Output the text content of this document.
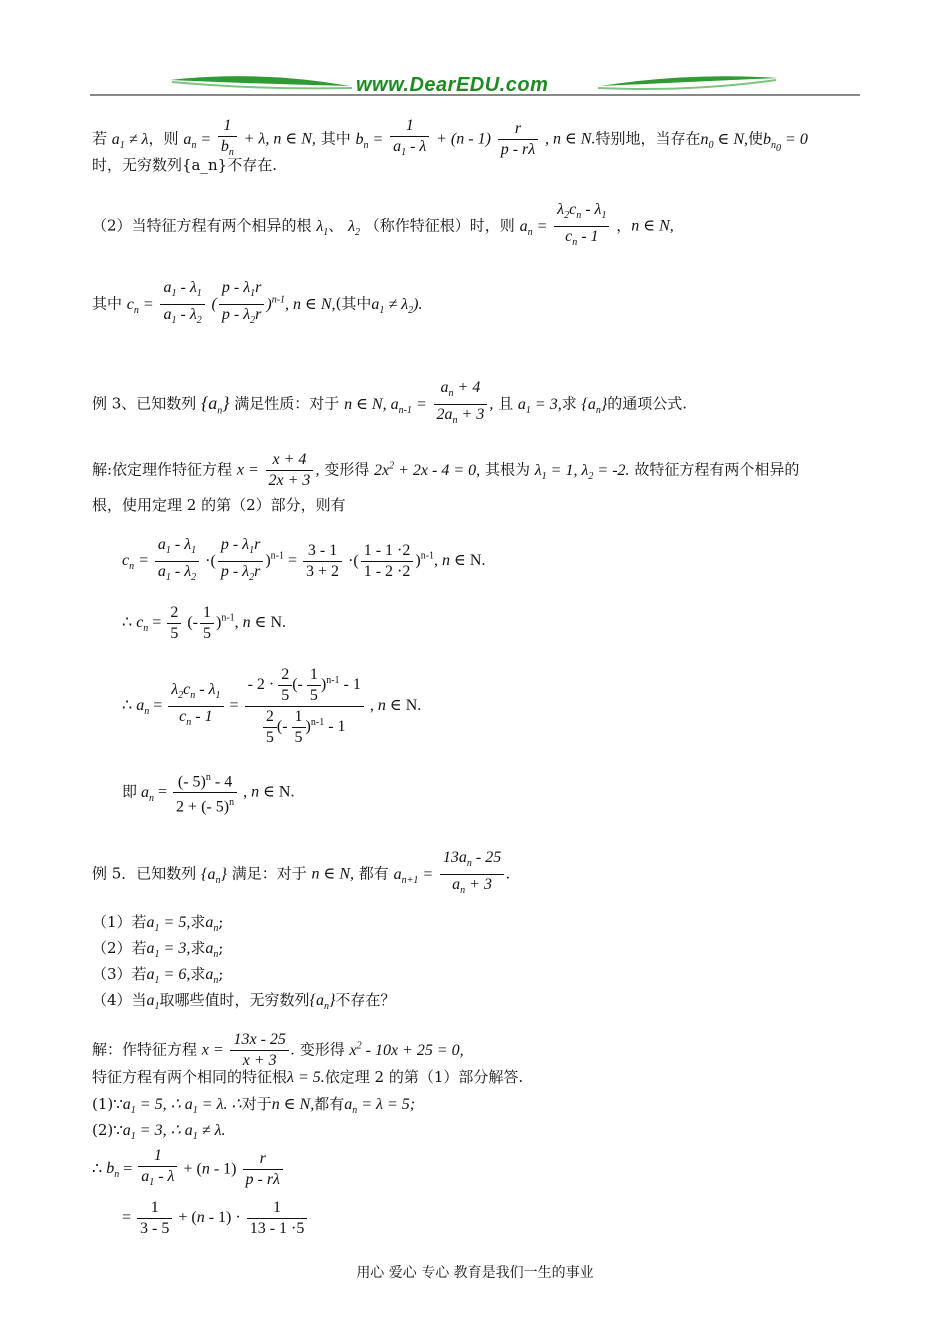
www.DearEDU.com
若 $a_1 \ne \lambda$，则 $a_n = \frac{1}{b_n} + \lambda$, n ∈ N, 其中 $b_n = \frac{1}{a_1 - \lambda} + (n - 1) \frac{r}{p - r\lambda}$ , n ∈ N.特别地，当存在$n_0$ ∈ N,使$b_{n_0} = 0$
时，无穷数列{a_n}不存在.
（2）当特征方程有两个相异的根 $\lambda_1$、 $\lambda_2$ （称作特征根）时，则 $a_n = \frac{\lambda_2c_n - \lambda_1}{c_n - 1}$ ，n ∈ N,
其中 $c_n = \frac{a_1 - \lambda_1}{a_1 - \lambda_2}$ ( $\frac{p - \lambda_1r}{p - \lambda_2r} )^{n-1}$, n ∈ N,(其中$a_1 \ne \lambda_2$).
例 3、已知数列 $\{a_n\}$ 满足性质：对于 n ∈ N, $a_{n-1} = \frac{a_n + 4}{2a_n + 3}$ , 且 $a_1 = 3$,求 $\{a_n\}$的通项公式.
解:依定理作特征方程 $x = \frac{x + 4}{2x + 3}$ , 变形得 $2x^2 + 2x - 4 = 0$, 其根为 $\lambda_1 = 1$, $\lambda_2 = -2$. 故特征方程有两个相异的
根，使用定理 2 的第（2）部分，则有
$c_n = \frac{a_1 - \lambda_1}{a_1 - \lambda_2}$ ·( $\frac{p - \lambda_1r}{p - \lambda_2r} )^{n-1} = \frac{3 - 1}{3 + 2}$ ·( $\frac{1 - 1 \cdot 2}{1 - 2 \cdot 2} )^{n-1}$, n ∈ N.
∴ $c_n = \frac{2}{5}$ (- $\frac{1}{5} )^{n-1}$, n ∈ N.
∴ $a_n = \frac{\lambda_2c_n - \lambda_1}{c_n - 1} = \frac{- 2 \cdot \frac{2}{5} (- \frac{1}{5} )^{n-1} - 1}{\frac{2}{5} (- \frac{1}{5} )^{n-1} - 1}$ , n ∈ N.
即 $a_n = \frac{(- 5)^n - 4}{2 + (- 5)^n}$ , n ∈ N.
例 5．已知数列 $\{a_n\}$ 满足：对于 n ∈ N, 都有 $a_{n+1} = \frac{13a_n - 25}{a_n + 3}$ .
（1）若$a_1 = 5$,求$a_n$;
（2）若$a_1 = 3$,求$a_n$;
（3）若$a_1 = 6$,求$a_n$;
（4）当$a_1$取哪些值时，无穷数列$\{a_n\}$不存在？
解：作特征方程 $x = \frac{13x - 25}{x + 3}$ . 变形得 $x^2 - 10x + 25 = 0$,
特征方程有两个相同的特征根λ = 5.依定理 2 的第（1）部分解答.
$(1)\because a_1 = 5$, ∴ $a_1 = \lambda$. ∴对于n ∈ N,都有$a_n = \lambda = 5$;
$(2)\because a_1 = 3$, ∴ $a_1 \ne \lambda$.
∴ $b_n = \frac{1}{a_1 - \lambda} + (n - 1) \frac{r}{p - r\lambda}$
= $\frac{1}{3 - 5} + (n - 1) \cdot \frac{1}{13 - 1 \cdot 5}$
用心 爱心 专心 教育是我们一生的事业
